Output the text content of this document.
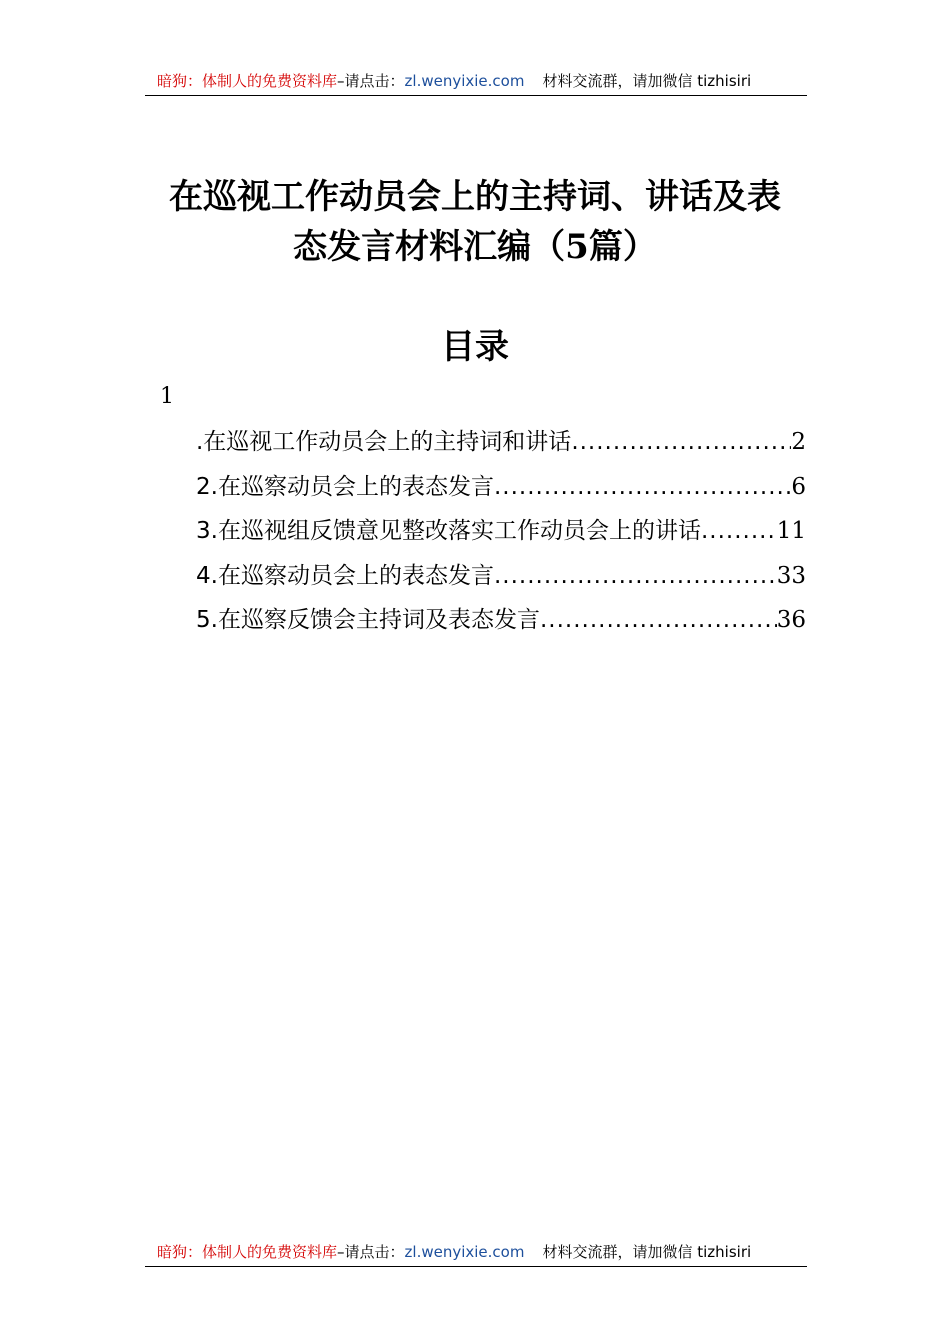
暗狗：体制人的免费资料库–请点击：zl.wenyixie.com 材料交流群，请加微信 tizhisiri
在巡视工作动员会上的主持词、讲话及表
态发言材料汇编（5篇）
目录
1
.在巡视工作动员会上的主持词和讲话 .....	2
2.在巡察动员会上的表态发言 .....	6
3.在巡视组反馈意见整改落实工作动员会上的讲话 .....	11
4.在巡察动员会上的表态发言 .....	33
5.在巡察反馈会主持词及表态发言 .....	36
暗狗：体制人的免费资料库–请点击：zl.wenyixie.com 材料交流群，请加微信 tizhisiri
